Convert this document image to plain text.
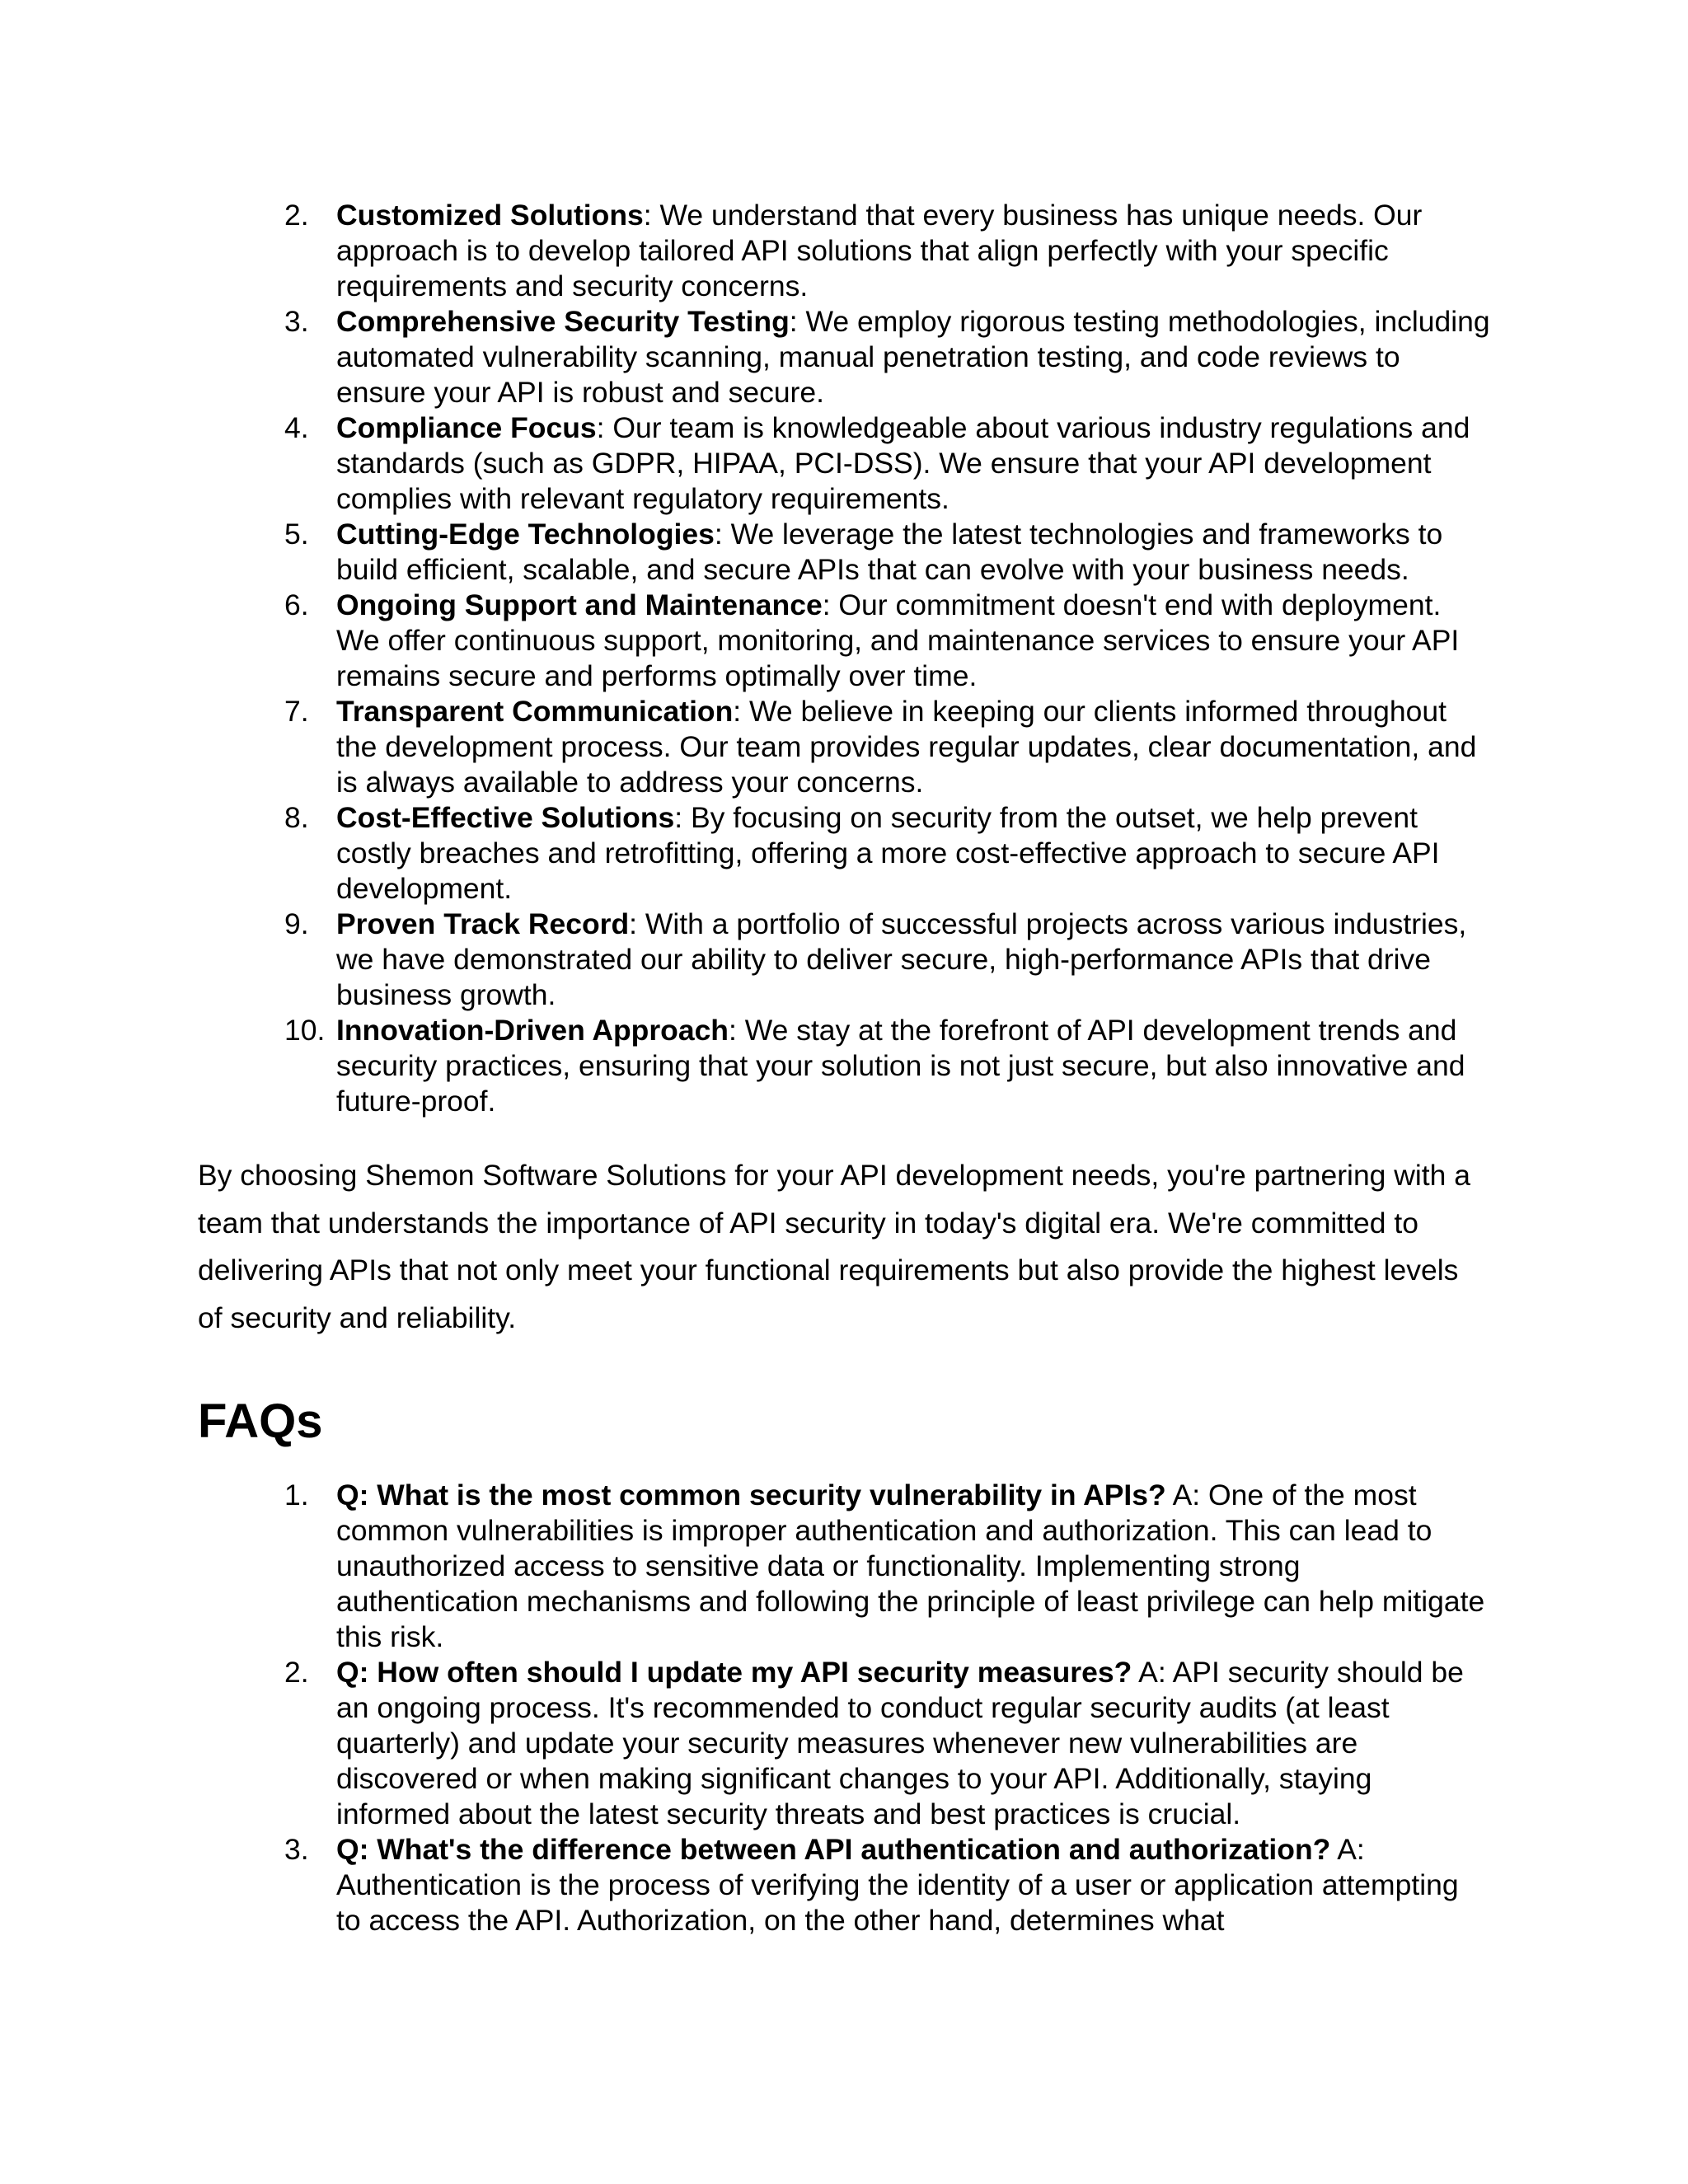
2. Customized Solutions: We understand that every business has unique needs. Our approach is to develop tailored API solutions that align perfectly with your specific requirements and security concerns.
3. Comprehensive Security Testing: We employ rigorous testing methodologies, including automated vulnerability scanning, manual penetration testing, and code reviews to ensure your API is robust and secure.
4. Compliance Focus: Our team is knowledgeable about various industry regulations and standards (such as GDPR, HIPAA, PCI-DSS). We ensure that your API development complies with relevant regulatory requirements.
5. Cutting-Edge Technologies: We leverage the latest technologies and frameworks to build efficient, scalable, and secure APIs that can evolve with your business needs.
6. Ongoing Support and Maintenance: Our commitment doesn't end with deployment. We offer continuous support, monitoring, and maintenance services to ensure your API remains secure and performs optimally over time.
7. Transparent Communication: We believe in keeping our clients informed throughout the development process. Our team provides regular updates, clear documentation, and is always available to address your concerns.
8. Cost-Effective Solutions: By focusing on security from the outset, we help prevent costly breaches and retrofitting, offering a more cost-effective approach to secure API development.
9. Proven Track Record: With a portfolio of successful projects across various industries, we have demonstrated our ability to deliver secure, high-performance APIs that drive business growth.
10. Innovation-Driven Approach: We stay at the forefront of API development trends and security practices, ensuring that your solution is not just secure, but also innovative and future-proof.

By choosing Shemon Software Solutions for your API development needs, you're partnering with a team that understands the importance of API security in today's digital era. We're committed to delivering APIs that not only meet your functional requirements but also provide the highest levels of security and reliability.

FAQs
1. Q: What is the most common security vulnerability in APIs? A: One of the most common vulnerabilities is improper authentication and authorization. This can lead to unauthorized access to sensitive data or functionality. Implementing strong authentication mechanisms and following the principle of least privilege can help mitigate this risk.
2. Q: How often should I update my API security measures? A: API security should be an ongoing process. It's recommended to conduct regular security audits (at least quarterly) and update your security measures whenever new vulnerabilities are discovered or when making significant changes to your API. Additionally, staying informed about the latest security threats and best practices is crucial.
3. Q: What's the difference between API authentication and authorization? A: Authentication is the process of verifying the identity of a user or application attempting to access the API. Authorization, on the other hand, determines what
